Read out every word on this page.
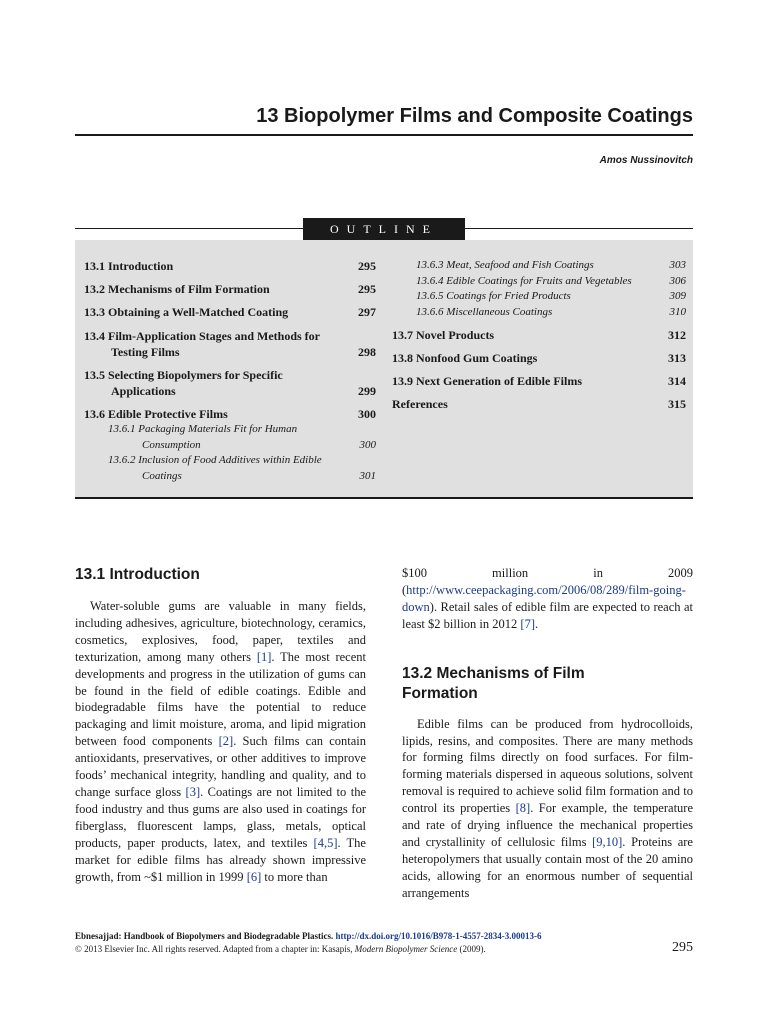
13 Biopolymer Films and Composite Coatings
Amos Nussinovitch
OUTLINE
13.1 Introduction	295
13.2 Mechanisms of Film Formation	295
13.3 Obtaining a Well-Matched Coating	297
13.4 Film-Application Stages and Methods for Testing Films	298
13.5 Selecting Biopolymers for Specific Applications	299
13.6 Edible Protective Films	300
13.6.1 Packaging Materials Fit for Human Consumption	300
13.6.2 Inclusion of Food Additives within Edible Coatings	301
13.6.3 Meat, Seafood and Fish Coatings	303
13.6.4 Edible Coatings for Fruits and Vegetables	306
13.6.5 Coatings for Fried Products	309
13.6.6 Miscellaneous Coatings	310
13.7 Novel Products	312
13.8 Nonfood Gum Coatings	313
13.9 Next Generation of Edible Films	314
References	315
13.1 Introduction

Water-soluble gums are valuable in many fields, including adhesives, agriculture, biotechnology, ceramics, cosmetics, explosives, food, paper, textiles and texturization, among many others [1]. The most recent developments and progress in the utilization of gums can be found in the field of edible coatings. Edible and biodegradable films have the potential to reduce packaging and limit moisture, aroma, and lipid migration between food components [2]. Such films can contain antioxidants, preservatives, or other additives to improve foods’ mechanical integrity, handling and quality, and to change surface gloss [3]. Coatings are not limited to the food industry and thus gums are also used in coatings for fiberglass, fluorescent lamps, glass, metals, optical products, paper products, latex, and textiles [4,5]. The market for edible films has already shown impressive growth, from ~$1 million in 1999 [6] to more than

$100 million in 2009 (http://www.ceepackaging.com/2006/08/289/film-going-down). Retail sales of edible film are expected to reach at least $2 billion in 2012 [7].

13.2 Mechanisms of Film Formation

Edible films can be produced from hydrocolloids, lipids, resins, and composites. There are many methods for forming films directly on food surfaces. For film-forming materials dispersed in aqueous solutions, solvent removal is required to achieve solid film formation and to control its properties [8]. For example, the temperature and rate of drying influence the mechanical properties and crystallinity of cellulosic films [9,10]. Proteins are heteropolymers that usually contain most of the 20 amino acids, allowing for an enormous number of sequential arrangements

Ebnesajjad: Handbook of Biopolymers and Biodegradable Plastics. http://dx.doi.org/10.1016/B978-1-4557-2834-3.00013-6
© 2013 Elsevier Inc. All rights reserved. Adapted from a chapter in: Kasapis, Modern Biopolymer Science (2009).	295
